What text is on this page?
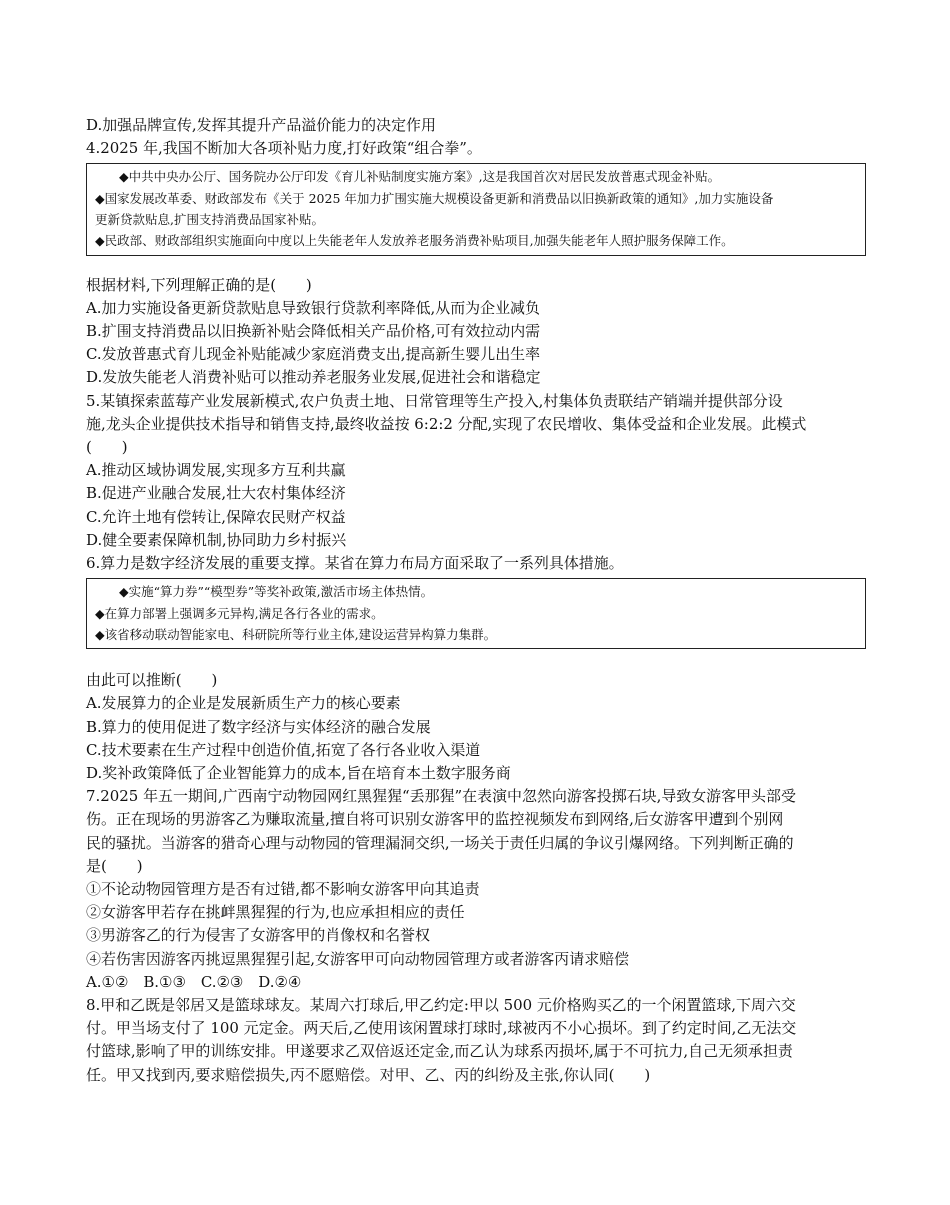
D.加强品牌宣传,发挥其提升产品溢价能力的决定作用
4.2025 年,我国不断加大各项补贴力度,打好政策“组合拳”。
◆中共中央办公厅、国务院办公厅印发《育儿补贴制度实施方案》,这是我国首次对居民发放普惠式现金补贴。
◆国家发展改革委、财政部发布《关于 2025 年加力扩围实施大规模设备更新和消费品以旧换新政策的通知》,加力实施设备
更新贷款贴息,扩围支持消费品国家补贴。
◆民政部、财政部组织实施面向中度以上失能老年人发放养老服务消费补贴项目,加强失能老年人照护服务保障工作。
根据材料,下列理解正确的是(　　)
A.加力实施设备更新贷款贴息导致银行贷款利率降低,从而为企业减负
B.扩围支持消费品以旧换新补贴会降低相关产品价格,可有效拉动内需
C.发放普惠式育儿现金补贴能减少家庭消费支出,提高新生婴儿出生率
D.发放失能老人消费补贴可以推动养老服务业发展,促进社会和谐稳定
5.某镇探索蓝莓产业发展新模式,农户负责土地、日常管理等生产投入,村集体负责联结产销端并提供部分设
施,龙头企业提供技术指导和销售支持,最终收益按 6:2:2 分配,实现了农民增收、集体受益和企业发展。此模式
(　　)
A.推动区域协调发展,实现多方互利共赢
B.促进产业融合发展,壮大农村集体经济
C.允许土地有偿转让,保障农民财产权益
D.健全要素保障机制,协同助力乡村振兴
6.算力是数字经济发展的重要支撑。某省在算力布局方面采取了一系列具体措施。
◆实施“算力券”“模型券”等奖补政策,激活市场主体热情。
◆在算力部署上强调多元异构,满足各行各业的需求。
◆该省移动联动智能家电、科研院所等行业主体,建设运营异构算力集群。
由此可以推断(　　)
A.发展算力的企业是发展新质生产力的核心要素
B.算力的使用促进了数字经济与实体经济的融合发展
C.技术要素在生产过程中创造价值,拓宽了各行各业收入渠道
D.奖补政策降低了企业智能算力的成本,旨在培育本土数字服务商
7.2025 年五一期间,广西南宁动物园网红黑猩猩“丢那猩”在表演中忽然向游客投掷石块,导致女游客甲头部受
伤。正在现场的男游客乙为赚取流量,擅自将可识别女游客甲的监控视频发布到网络,后女游客甲遭到个别网
民的骚扰。当游客的猎奇心理与动物园的管理漏洞交织,一场关于责任归属的争议引爆网络。下列判断正确的
是(　　)
①不论动物园管理方是否有过错,都不影响女游客甲向其追责
②女游客甲若存在挑衅黑猩猩的行为,也应承担相应的责任
③男游客乙的行为侵害了女游客甲的肖像权和名誉权
④若伤害因游客丙挑逗黑猩猩引起,女游客甲可向动物园管理方或者游客丙请求赔偿
A.①②　B.①③　C.②③　D.②④
8.甲和乙既是邻居又是篮球球友。某周六打球后,甲乙约定:甲以 500 元价格购买乙的一个闲置篮球,下周六交
付。甲当场支付了 100 元定金。两天后,乙使用该闲置球打球时,球被丙不小心损坏。到了约定时间,乙无法交
付篮球,影响了甲的训练安排。甲遂要求乙双倍返还定金,而乙认为球系丙损坏,属于不可抗力,自己无须承担责
任。甲又找到丙,要求赔偿损失,丙不愿赔偿。对甲、乙、丙的纠纷及主张,你认同(　　)
